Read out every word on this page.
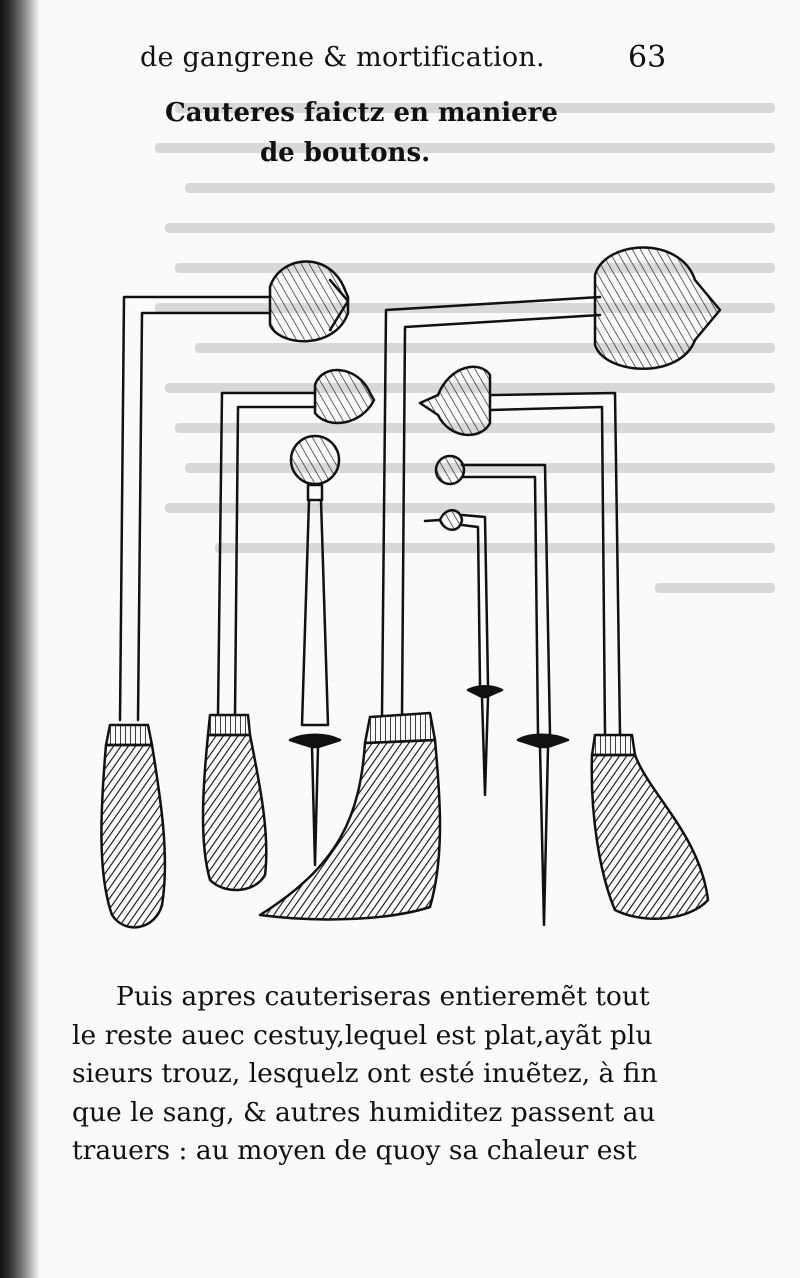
de gangrene & mortification.	63
Cauteres faictz en maniere
de boutons.
Puis apres cauteriseras entieremẽt tout
le reste auec cestuy,lequel est plat,ayãt plu
sieurs trouz, lesquelz ont esté inuẽtez, à fin
que le sang, & autres humiditez passent au
trauers : au moyen de quoy sa chaleur est
